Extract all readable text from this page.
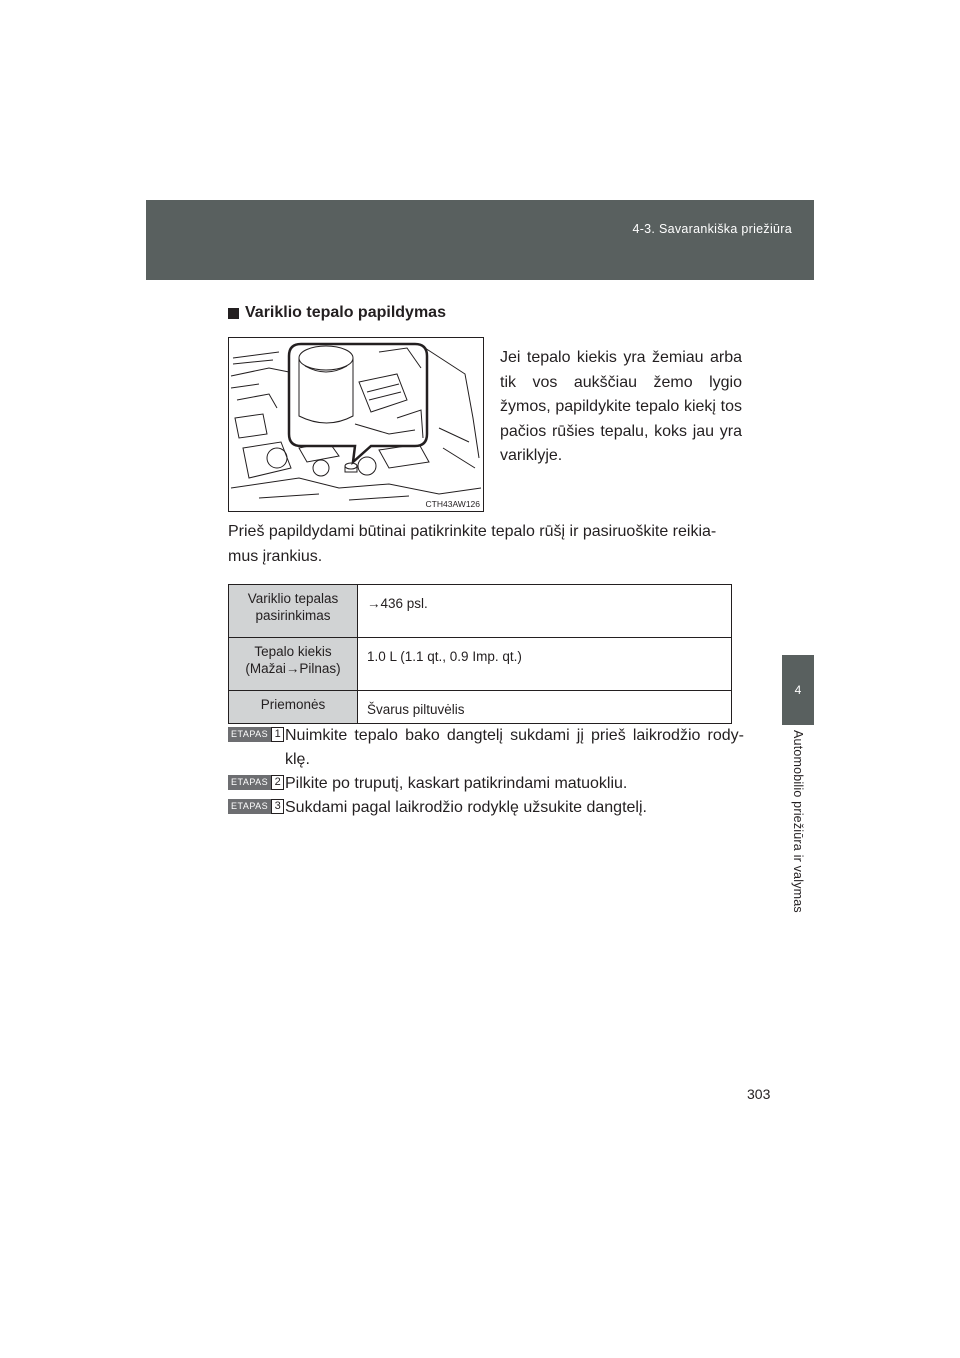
4-3. Savarankiška priežiūra
4
Automobilio priežiūra ir valymas
Variklio tepalo papildymas
CTH43AW126
Jei tepalo kiekis yra žemiau arba tik vos aukščiau žemo lygio žymos, papildykite tepalo kiekį tos pačios rūšies tepalu, koks jau yra variklyje.
Prieš papildydami būtinai patikrinkite tepalo rūšį ir pasiruoškite reikia-mus įrankius.
Variklio tepalas pasirinkimas	→436 psl.
Tepalo kiekis (Mažai→Pilnas)	1.0 L (1.1 qt., 0.9 Imp. qt.)
Priemonės	Švarus piltuvėlis
ETAPAS 1 Nuimkite tepalo bako dangtelį sukdami jį prieš laikrodžio rody-klę.
ETAPAS 2 Pilkite po truputį, kaskart patikrindami matuokliu.
ETAPAS 3 Sukdami pagal laikrodžio rodyklę užsukite dangtelį.
303
